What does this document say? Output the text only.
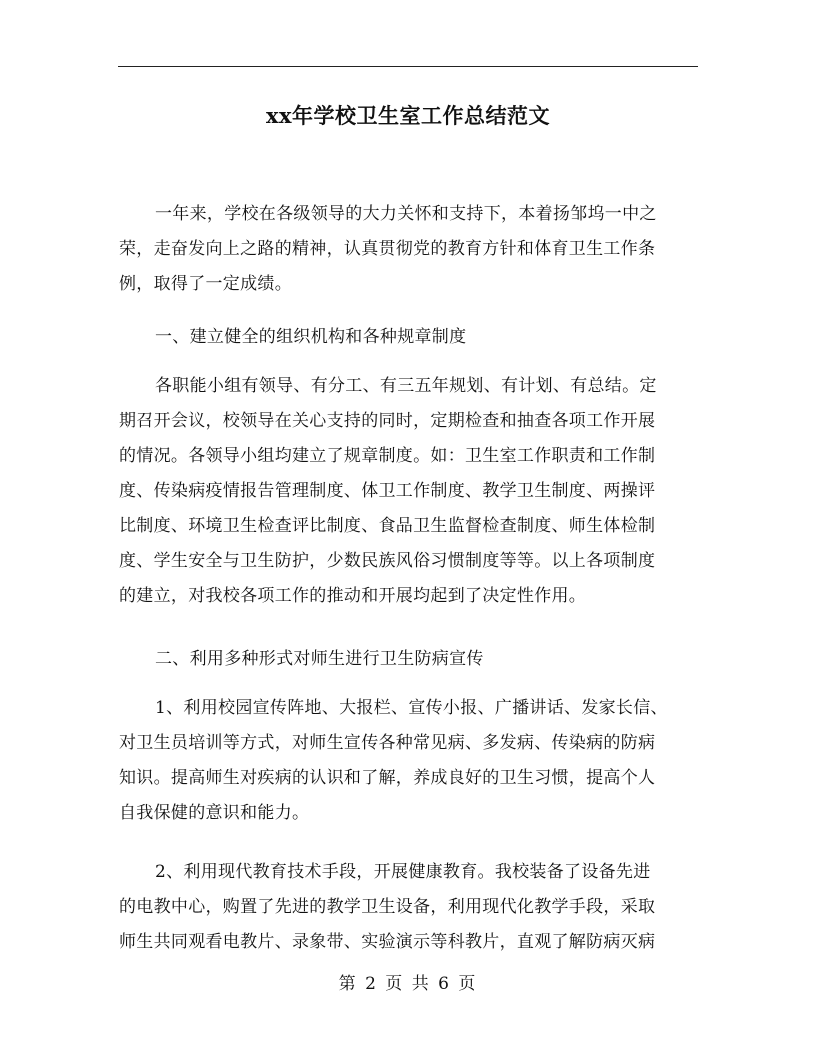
xx年学校卫生室工作总结范文

一年来，学校在各级领导的大力关怀和支持下，本着扬邹坞一中之
荣，走奋发向上之路的精神，认真贯彻党的教育方针和体育卫生工作条
例，取得了一定成绩。

一、建立健全的组织机构和各种规章制度

各职能小组有领导、有分工、有三五年规划、有计划、有总结。定
期召开会议，校领导在关心支持的同时，定期检查和抽查各项工作开展
的情况。各领导小组均建立了规章制度。如：卫生室工作职责和工作制
度、传染病疫情报告管理制度、体卫工作制度、教学卫生制度、两操评
比制度、环境卫生检查评比制度、食品卫生监督检查制度、师生体检制
度、学生安全与卫生防护，少数民族风俗习惯制度等等。以上各项制度
的建立，对我校各项工作的推动和开展均起到了决定性作用。

二、利用多种形式对师生进行卫生防病宣传

1、利用校园宣传阵地、大报栏、宣传小报、广播讲话、发家长信、
对卫生员培训等方式，对师生宣传各种常见病、多发病、传染病的防病
知识。提高师生对疾病的认识和了解，养成良好的卫生习惯，提高个人
自我保健的意识和能力。

2、利用现代教育技术手段，开展健康教育。我校装备了设备先进
的电教中心，购置了先进的教学卫生设备，利用现代化教学手段，采取
师生共同观看电教片、录象带、实验演示等科教片，直观了解防病灭病

第 2 页 共 6 页
